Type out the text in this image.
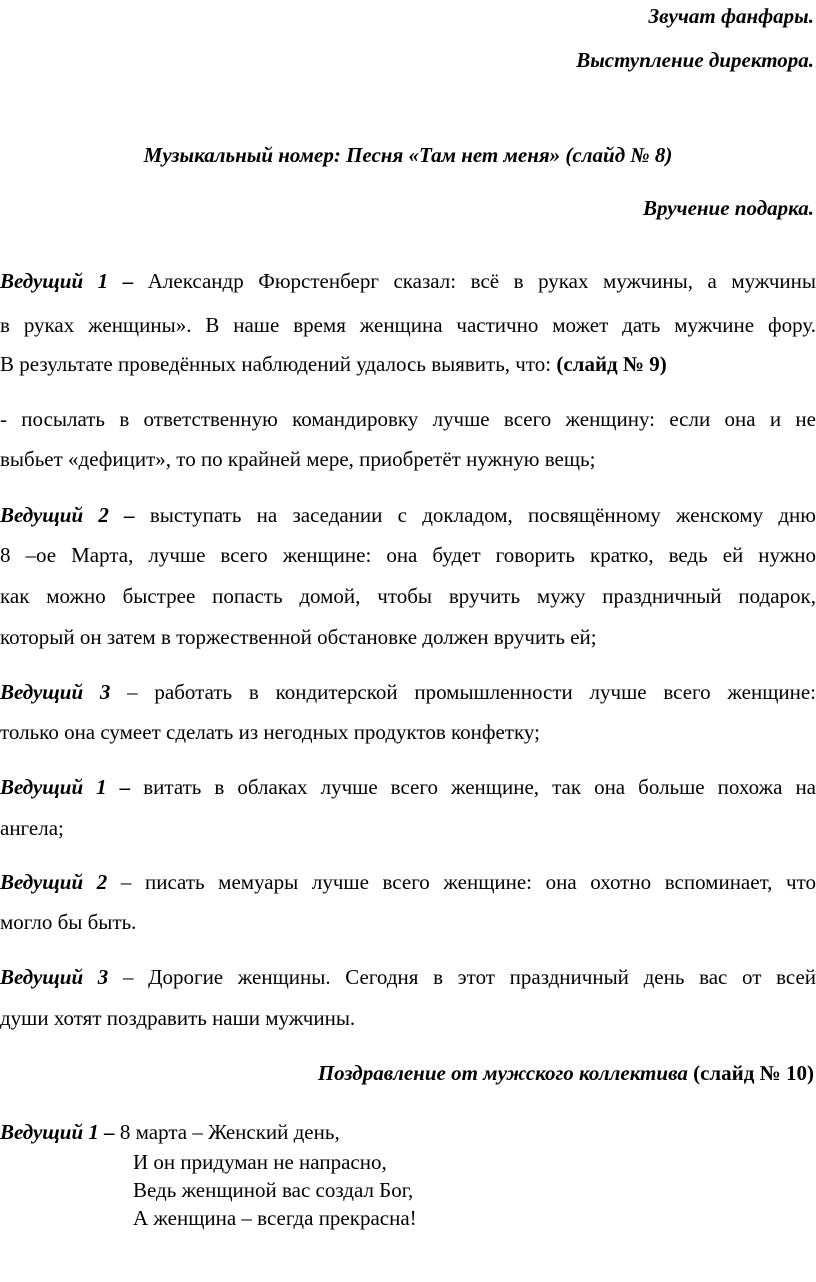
Звучат фанфары.
Выступление директора.
Музыкальный номер: Песня «Там нет меня» (слайд № 8)
Вручение подарка.
Ведущий 1 – Александр Фюрстенберг сказал: всё в руках мужчины, а мужчины
в руках женщины». В наше время женщина частично может дать мужчине фору.
В результате проведённых наблюдений удалось выявить, что: (слайд № 9)
- посылать в ответственную командировку лучше всего женщину: если она и не
выбьет «дефицит», то по крайней мере, приобретёт нужную вещь;
Ведущий 2 – выступать на заседании с докладом, посвящённому женскому дню
8 –ое Марта, лучше всего женщине: она будет говорить кратко, ведь ей нужно
как можно быстрее попасть домой, чтобы вручить мужу праздничный подарок,
который он затем в торжественной обстановке должен вручить ей;
Ведущий 3 – работать в кондитерской промышленности лучше всего женщине:
только она сумеет сделать из негодных продуктов конфетку;
Ведущий 1 – витать в облаках лучше всего женщине, так она больше похожа на
ангела;
Ведущий 2 – писать мемуары лучше всего женщине: она охотно вспоминает, что
могло бы быть.
Ведущий 3 – Дорогие женщины. Сегодня в этот праздничный день вас от всей
души хотят поздравить наши мужчины.
Поздравление от мужского коллектива (слайд № 10)
Ведущий 1 – 8 марта – Женский день,
И он придуман не напрасно,
Ведь женщиной вас создал Бог,
А женщина – всегда прекрасна!
